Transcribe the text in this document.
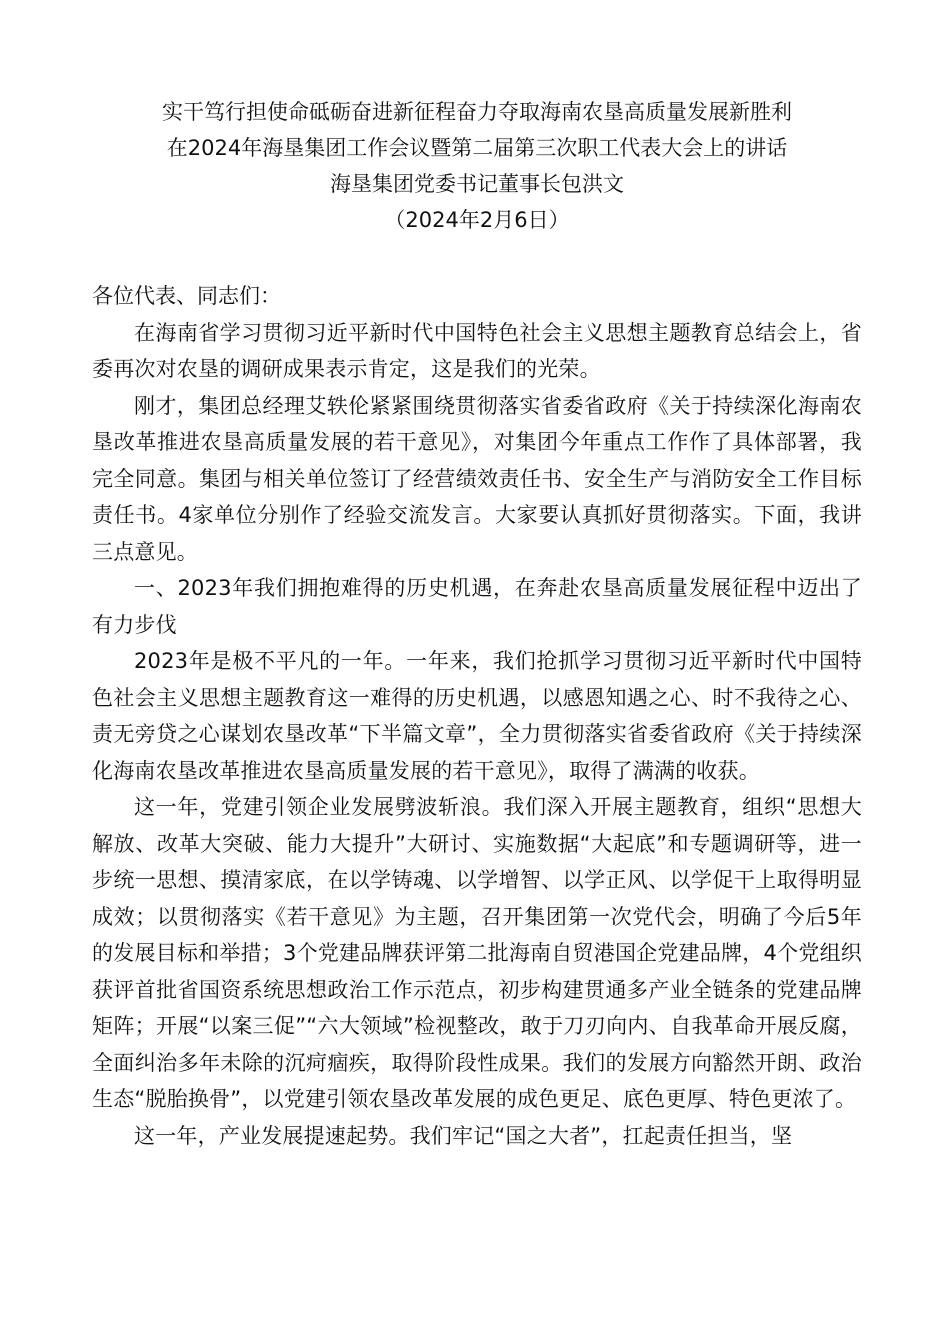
实干笃行担使命砥砺奋进新征程奋力夺取海南农垦高质量发展新胜利

在2024年海垦集团工作会议暨第二届第三次职工代表大会上的讲话

海垦集团党委书记董事长包洪文

（2024年2月6日）

各位代表、同志们：

在海南省学习贯彻习近平新时代中国特色社会主义思想主题教育总结会上，省委再次对农垦的调研成果表示肯定，这是我们的光荣。

刚才，集团总经理艾轶伦紧紧围绕贯彻落实省委省政府《关于持续深化海南农垦改革推进农垦高质量发展的若干意见》，对集团今年重点工作作了具体部署，我完全同意。集团与相关单位签订了经营绩效责任书、安全生产与消防安全工作目标责任书。4家单位分别作了经验交流发言。大家要认真抓好贯彻落实。下面，我讲三点意见。

一、2023年我们拥抱难得的历史机遇，在奔赴农垦高质量发展征程中迈出了有力步伐

2023年是极不平凡的一年。一年来，我们抢抓学习贯彻习近平新时代中国特色社会主义思想主题教育这一难得的历史机遇，以感恩知遇之心、时不我待之心、责无旁贷之心谋划农垦改革“下半篇文章”，全力贯彻落实省委省政府《关于持续深化海南农垦改革推进农垦高质量发展的若干意见》，取得了满满的收获。

这一年，党建引领企业发展劈波斩浪。我们深入开展主题教育，组织“思想大解放、改革大突破、能力大提升”大研讨、实施数据“大起底”和专题调研等，进一步统一思想、摸清家底，在以学铸魂、以学增智、以学正风、以学促干上取得明显成效；以贯彻落实《若干意见》为主题，召开集团第一次党代会，明确了今后5年的发展目标和举措；3个党建品牌获评第二批海南自贸港国企党建品牌，4个党组织获评首批省国资系统思想政治工作示范点，初步构建贯通多产业全链条的党建品牌矩阵；开展“以案三促”“六大领域”检视整改，敢于刀刃向内、自我革命开展反腐，全面纠治多年未除的沉疴痼疾，取得阶段性成果。我们的发展方向豁然开朗、政治生态“脱胎换骨”，以党建引领农垦改革发展的成色更足、底色更厚、特色更浓了。

这一年，产业发展提速起势。我们牢记“国之大者”，扛起责任担当，坚
